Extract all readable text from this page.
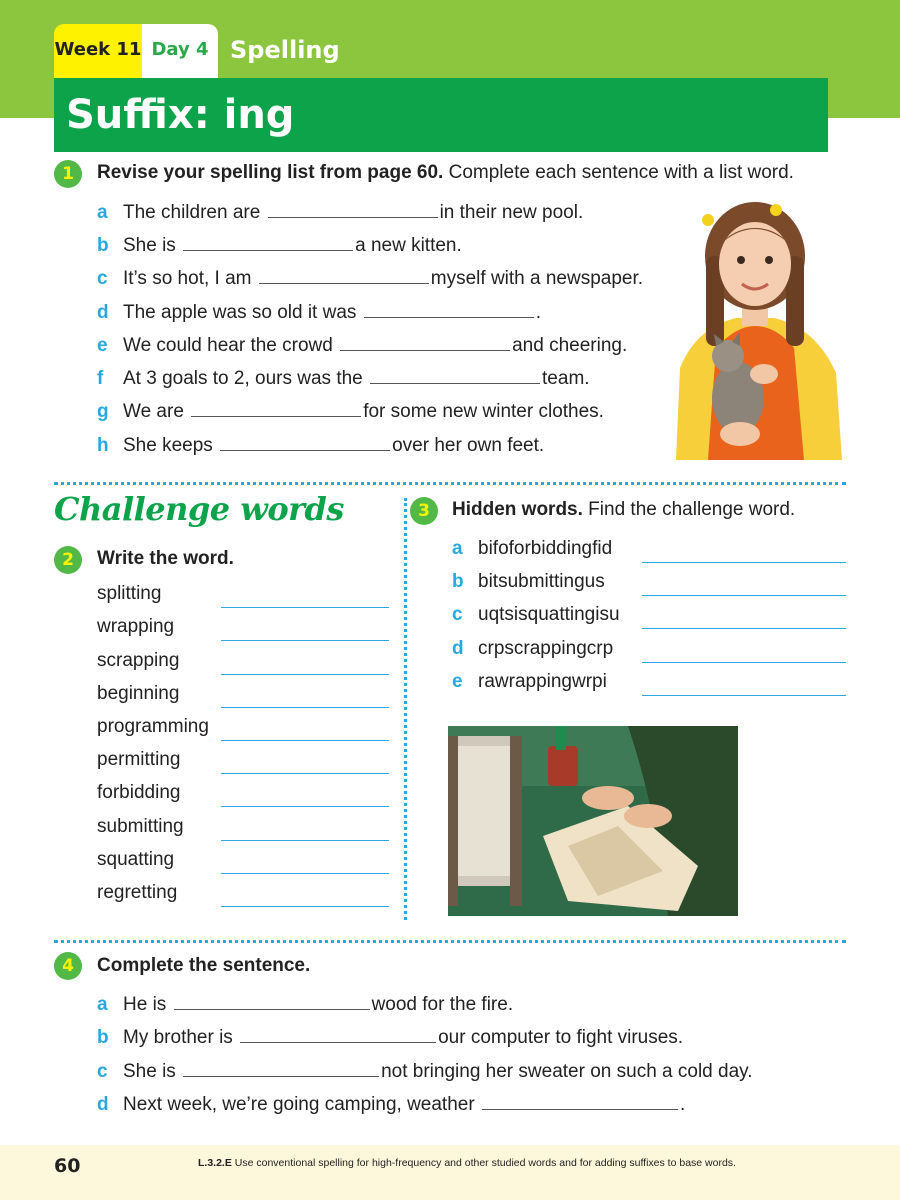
Week 11 Day 4 Spelling
Suffix: ing
1	Revise your spelling list from page 60. Complete each sentence with a list word.
a The children are	in their new pool.
b She is	a new kitten.
c It’s so hot, I am	myself with a newspaper.
d The apple was so old it was	.
e We could hear the crowd	and cheering.
f At 3 goals to 2, ours was the	team.
g We are	for some new winter clothes.
h She keeps	over her own feet.
Challenge words
2	Write the word.
splitting
wrapping
scrapping
beginning
programming
permitting
forbidding
submitting
squatting
regretting
3	Hidden words. Find the challenge word.
a bifoforbiddingfid
b bitsubmittingus
c uqtsisquattingisu
d crpscrappingcrp
e rawrappingwrpi
4	Complete the sentence.
a He is	wood for the fire.
b My brother is	our computer to fight viruses.
c She is	not bringing her sweater on such a cold day.
d Next week, we’re going camping, weather	.
60	L.3.2.E Use conventional spelling for high-frequency and other studied words and for adding suffixes to base words.
